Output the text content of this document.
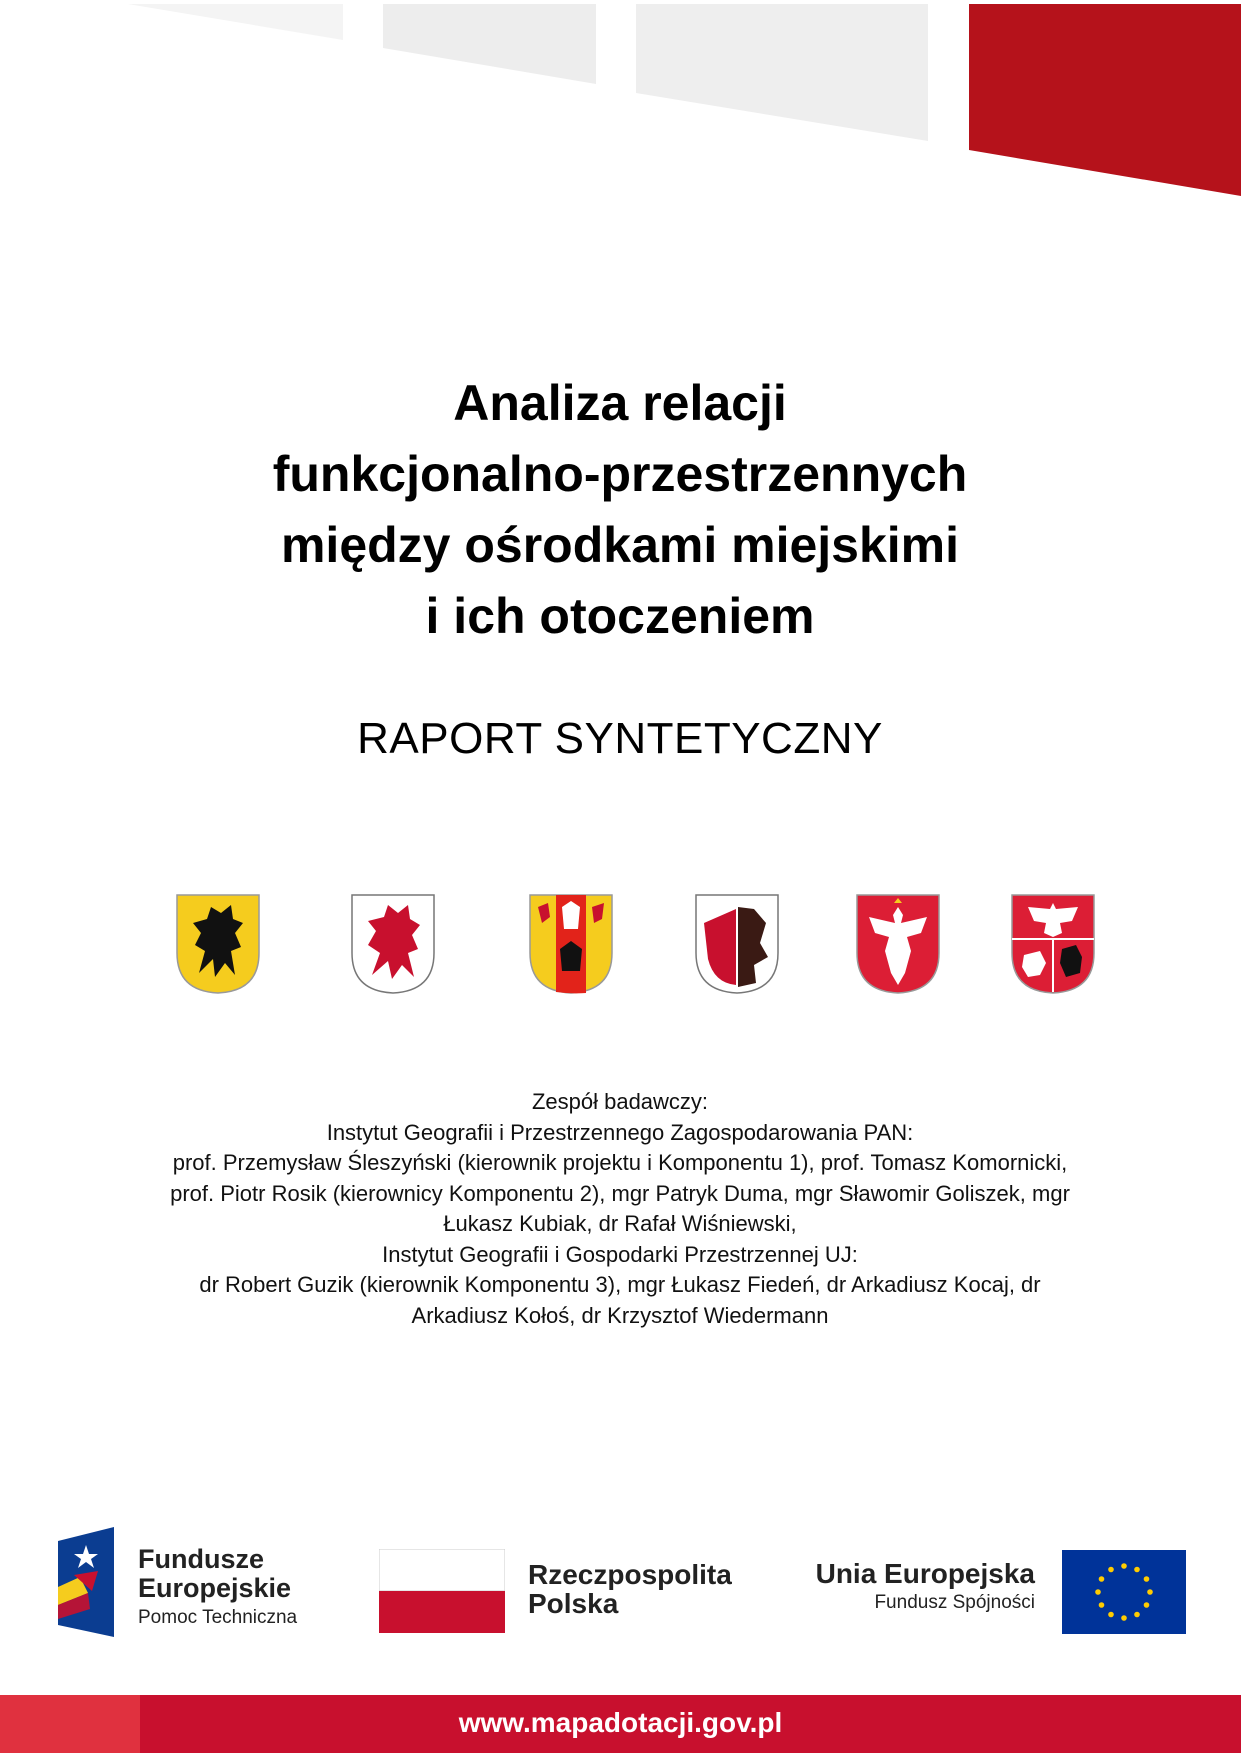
Analiza relacji
funkcjonalno-przestrzennych
między ośrodkami miejskimi
i ich otoczeniem
RAPORT SYNTETYCZNY
Zespół badawczy:
Instytut Geografii i Przestrzennego Zagospodarowania PAN:
prof. Przemysław Śleszyński (kierownik projektu i Komponentu 1), prof. Tomasz Komornicki,
prof. Piotr Rosik (kierownicy Komponentu 2), mgr Patryk Duma, mgr Sławomir Goliszek, mgr
Łukasz Kubiak, dr Rafał Wiśniewski,
Instytut Geografii i Gospodarki Przestrzennej UJ:
dr Robert Guzik (kierownik Komponentu 3), mgr Łukasz Fiedeń, dr Arkadiusz Kocaj, dr
Arkadiusz Kołoś, dr Krzysztof Wiedermann
Fundusze
Europejskie
Pomoc Techniczna
Rzeczpospolita
Polska
Unia Europejska
Fundusz Spójności
www.mapadotacji.gov.pl
